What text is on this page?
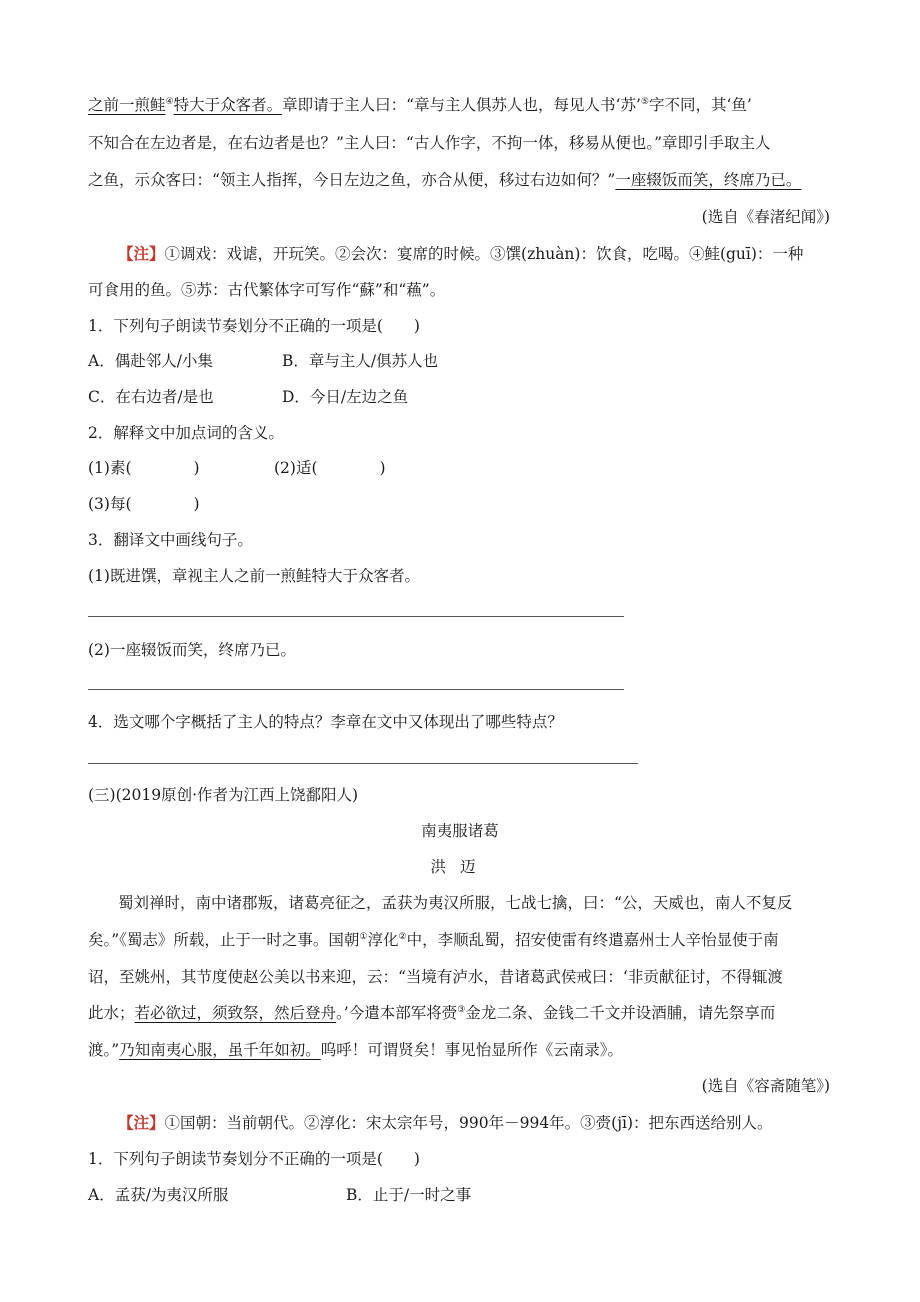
之前一煎鲑④特大于众客者。章即请于主人曰：“章与主人俱苏人也，每见人书‘苏’⑤字不同，其‘鱼’
不知合在左边者是，在右边者是也？”主人曰：“古人作字，不拘一体，移易从便也。”章即引手取主人
之鱼，示众客曰：“领主人指挥，今日左边之鱼，亦合从便，移过右边如何？”一座辍饭而笑，终席乃已。
(选自《春渚纪闻》)
【注】①调戏：戏谑，开玩笑。②会次：宴席的时候。③馔(zhuàn)：饮食，吃喝。④鲑(guī)：一种
可食用的鱼。⑤苏：古代繁体字可写作“蘇”和“蘓”。
1．下列句子朗读节奏划分不正确的一项是(　　)
A．偶赴邻人/小集	B．章与主人/俱苏人也
C．在右边者/是也	D．今日/左边之鱼
2．解释文中加点词的含义。
(1)素(　　　　)	(2)适(　　　　)
(3)每(　　　　)
3．翻译文中画线句子。
(1)既进馔，章视主人之前一煎鲑特大于众客者。
(2)一座辍饭而笑，终席乃已。
4．选文哪个字概括了主人的特点？李章在文中又体现出了哪些特点？
(三)(2019原创·作者为江西上饶鄱阳人)
南夷服诸葛
洪迈
蜀刘禅时，南中诸郡叛，诸葛亮征之，孟获为夷汉所服，七战七擒，曰：“公，天威也，南人不复反
矣。”《蜀志》所载，止于一时之事。国朝①淳化②中，李顺乱蜀，招安使雷有终遣嘉州士人辛怡显使于南
诏，至姚州，其节度使赵公美以书来迎，云：“当境有泸水，昔诸葛武侯戒曰：‘非贡献征讨，不得辄渡
此水；若必欲过，须致祭，然后登舟。’今遣本部军将赍③金龙二条、金钱二千文并设酒脯，请先祭享而
渡。”乃知南夷心服，虽千年如初。呜呼！可谓贤矣！事见怡显所作《云南录》。
(选自《容斋随笔》)
【注】①国朝：当前朝代。②淳化：宋太宗年号，990年－994年。③赍(jī)：把东西送给别人。
1．下列句子朗读节奏划分不正确的一项是(　　)
A．孟获/为夷汉所服	B．止于/一时之事
